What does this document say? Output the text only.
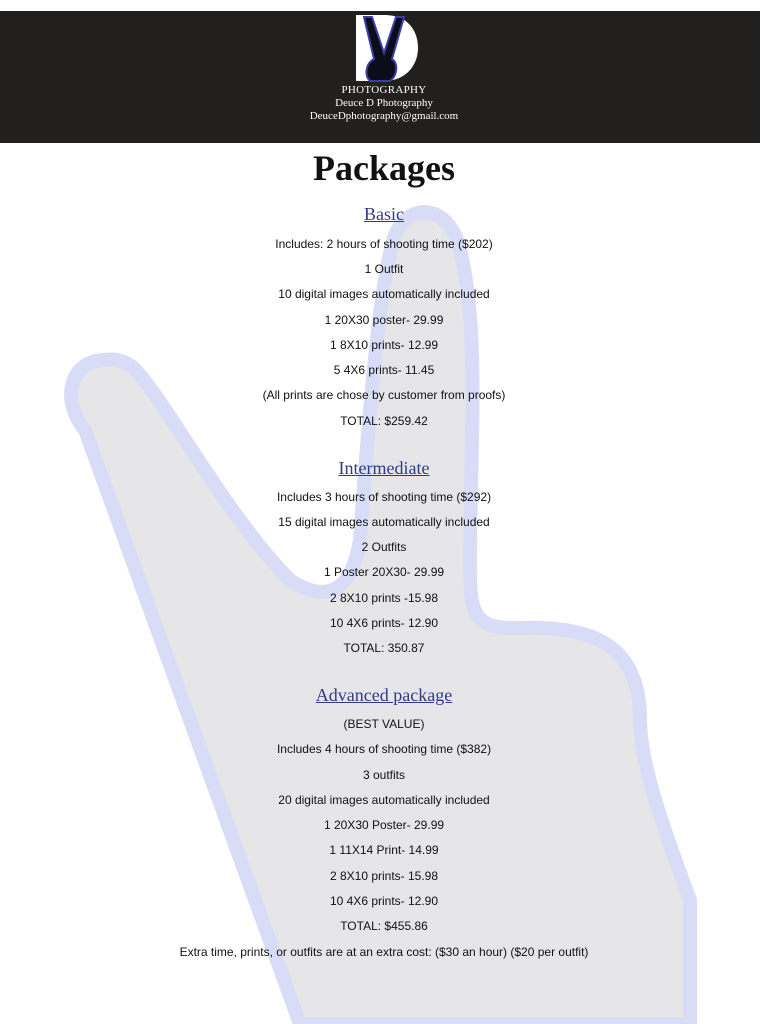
PHOTOGRAPHY
Deuce D Photography
DeuceDphotography@gmail.com
Packages
Basic
Includes: 2 hours of shooting time ($202)
1 Outfit
10 digital images automatically included
1 20X30 poster- 29.99
1 8X10 prints- 12.99
5 4X6 prints- 11.45
(All prints are chose by customer from proofs)
TOTAL: $259.42
Intermediate
Includes 3 hours of shooting time ($292)
15 digital images automatically included
2 Outfits
1 Poster 20X30- 29.99
2 8X10 prints -15.98
10 4X6 prints- 12.90
TOTAL: 350.87
Advanced package
(BEST VALUE)
Includes 4 hours of shooting time ($382)
3 outfits
20 digital images automatically included
1 20X30 Poster- 29.99
1 11X14 Print- 14.99
2 8X10 prints- 15.98
10 4X6 prints- 12.90
TOTAL: $455.86
Extra time, prints, or outfits are at an extra cost: ($30 an hour) ($20 per outfit)
